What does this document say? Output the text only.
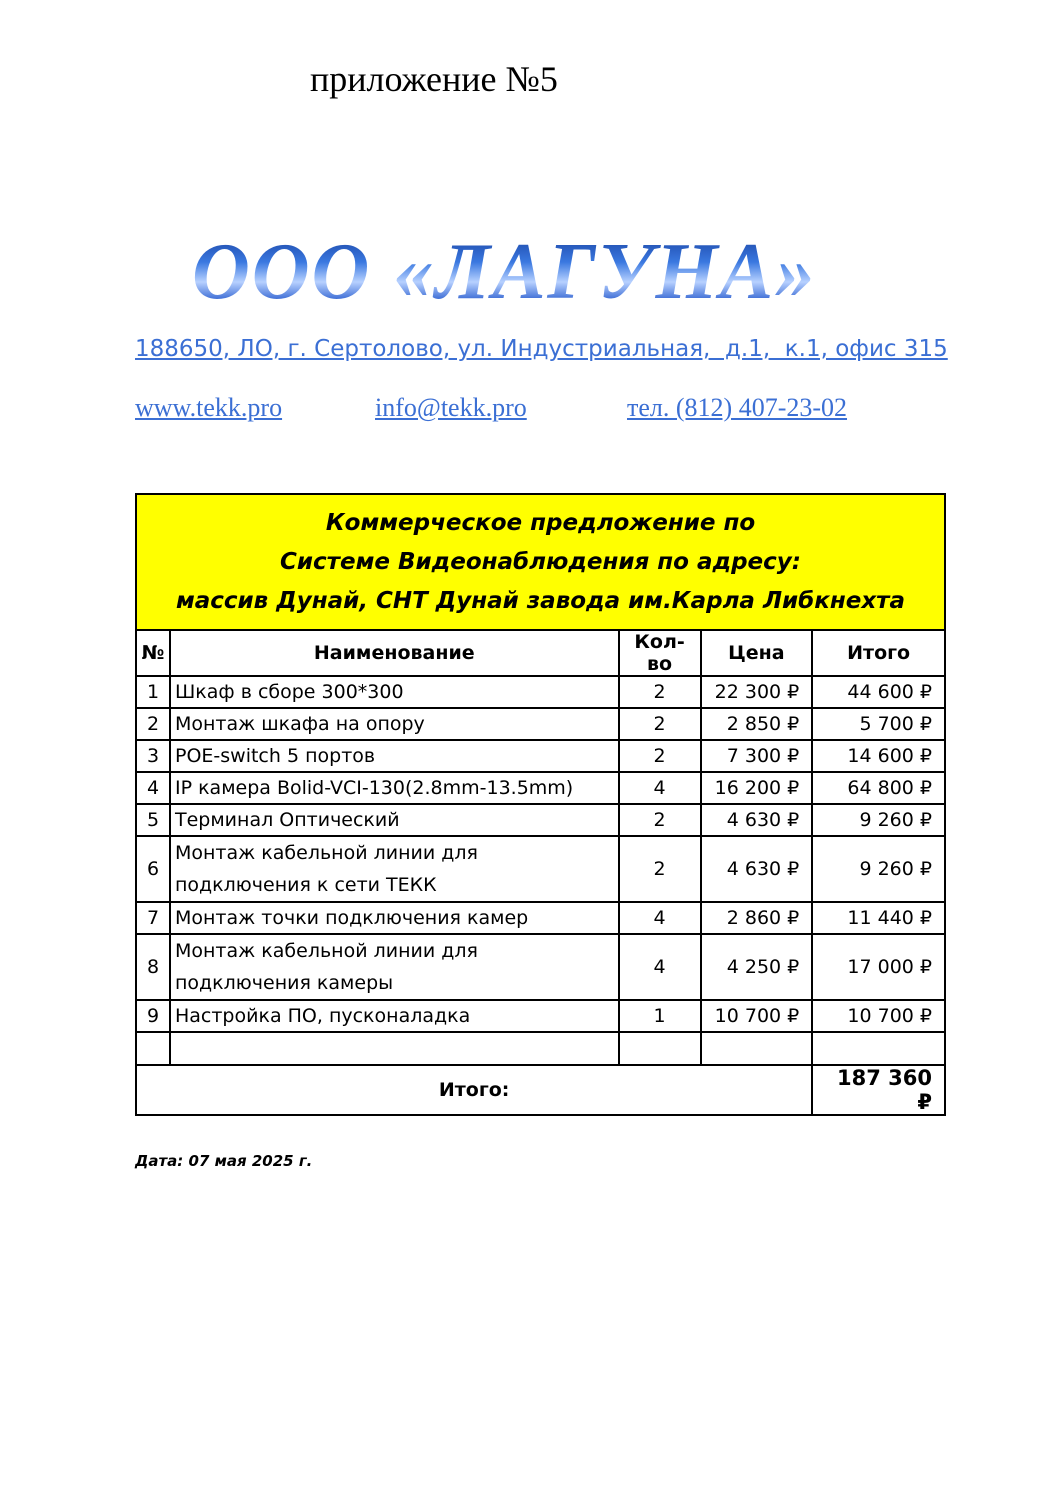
приложение №5
ООО «ЛАГУНА»
188650, ЛО, г. Сертолово, ул. Индустриальная,  д.1,  к.1, офис 315
www.tekk.pro	info@tekk.pro	тел. (812) 407-23-02
Коммерческое предложение по
Системе Видеонаблюдения по адресу:
массив Дунай, СНТ Дунай завода им.Карла Либкнехта				

№	Наименование	Кол-во	Цена	Итого
1	Шкаф в сборе 300*300	2	22 300 ₽	44 600 ₽
2	Монтаж шкафа на опору	2	2 850 ₽	5 700 ₽
3	POE-switch 5 портов	2	7 300 ₽	14 600 ₽
4	IP камера Bolid-VCI-130(2.8mm-13.5mm)	4	16 200 ₽	64 800 ₽
5	Терминал Оптический	2	4 630 ₽	9 260 ₽
6	Монтаж кабельной линии для
подключения к сети ТЕКК	2	4 630 ₽	9 260 ₽
7	Монтаж точки подключения камер	4	2 860 ₽	11 440 ₽
8	Монтаж кабельной линии для
подключения камеры	4	4 250 ₽	17 000 ₽
9	Настройка ПО, пусконаладка	1	10 700 ₽	10 700 ₽

Итого:				187 360 ₽
Дата: 07 мая 2025 г.
